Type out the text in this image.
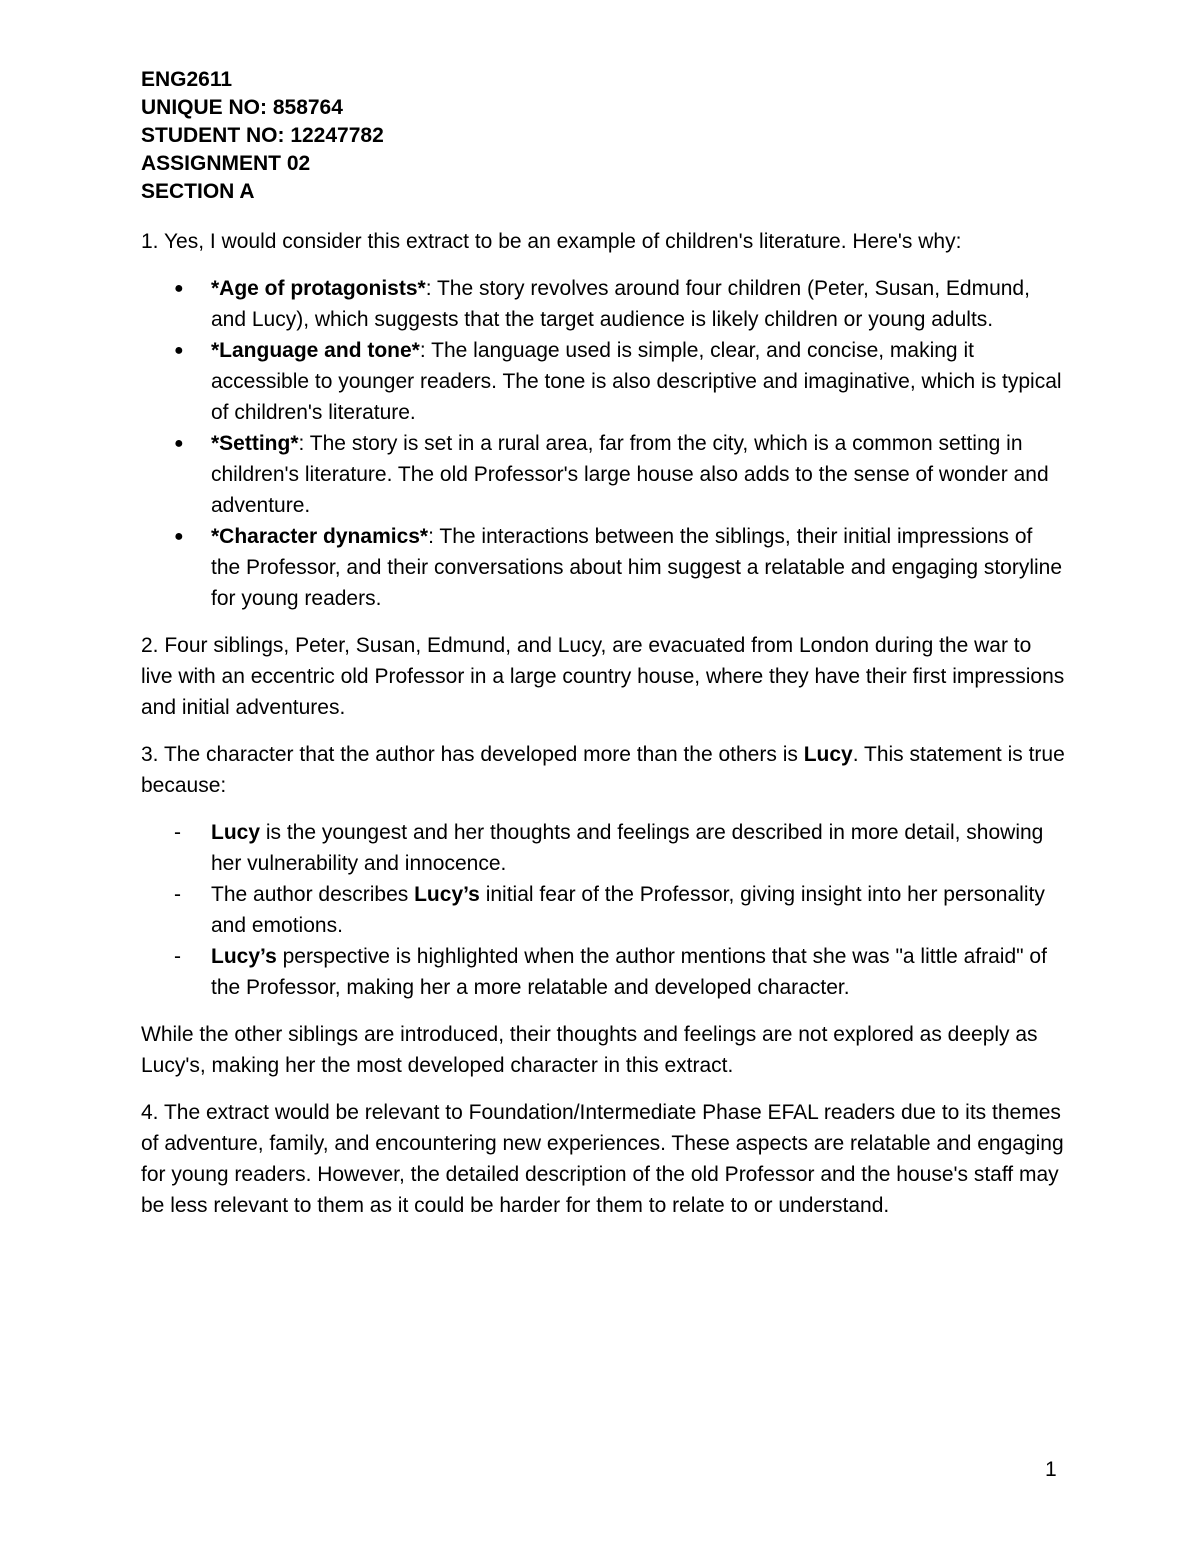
ENG2611

UNIQUE NO: 858764

STUDENT NO: 12247782

ASSIGNMENT 02

SECTION A

1. Yes, I would consider this extract to be an example of children's literature. Here's why:

● *Age of protagonists*: The story revolves around four children (Peter, Susan, Edmund, and Lucy), which suggests that the target audience is likely children or young adults.
● *Language and tone*: The language used is simple, clear, and concise, making it accessible to younger readers. The tone is also descriptive and imaginative, which is typical of children's literature.
● *Setting*: The story is set in a rural area, far from the city, which is a common setting in children's literature. The old Professor's large house also adds to the sense of wonder and adventure.
● *Character dynamics*: The interactions between the siblings, their initial impressions of the Professor, and their conversations about him suggest a relatable and engaging storyline for young readers.

2. Four siblings, Peter, Susan, Edmund, and Lucy, are evacuated from London during the war to live with an eccentric old Professor in a large country house, where they have their first impressions and initial adventures.

3. The character that the author has developed more than the others is Lucy. This statement is true because:

- Lucy is the youngest and her thoughts and feelings are described in more detail, showing her vulnerability and innocence.
- The author describes Lucy’s initial fear of the Professor, giving insight into her personality and emotions.
- Lucy’s perspective is highlighted when the author mentions that she was "a little afraid" of the Professor, making her a more relatable and developed character.

While the other siblings are introduced, their thoughts and feelings are not explored as deeply as Lucy's, making her the most developed character in this extract.

4. The extract would be relevant to Foundation/Intermediate Phase EFAL readers due to its themes of adventure, family, and encountering new experiences. These aspects are relatable and engaging for young readers. However, the detailed description of the old Professor and the house's staff may be less relevant to them as it could be harder for them to relate to or understand.

1
